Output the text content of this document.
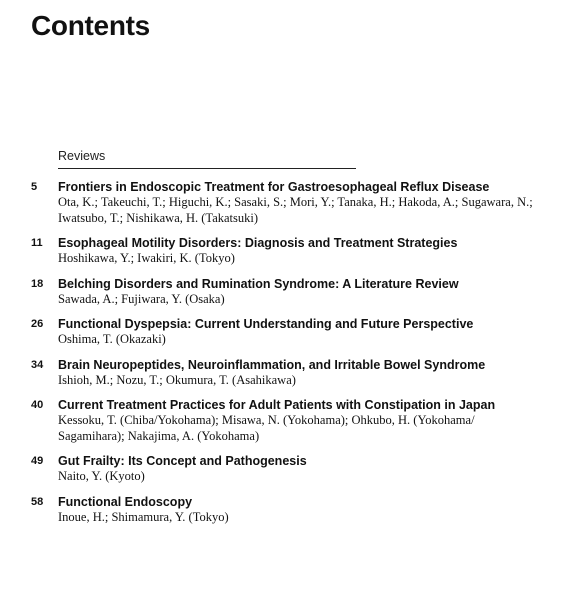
Contents
Reviews
5	Frontiers in Endoscopic Treatment for Gastroesophageal Reflux Disease
Ota, K.; Takeuchi, T.; Higuchi, K.; Sasaki, S.; Mori, Y.; Tanaka, H.; Hakoda, A.; Sugawara, N.; Iwatsubo, T.; Nishikawa, H. (Takatsuki)
11	Esophageal Motility Disorders: Diagnosis and Treatment Strategies
Hoshikawa, Y.; Iwakiri, K. (Tokyo)
18	Belching Disorders and Rumination Syndrome: A Literature Review
Sawada, A.; Fujiwara, Y. (Osaka)
26	Functional Dyspepsia: Current Understanding and Future Perspective
Oshima, T. (Okazaki)
34	Brain Neuropeptides, Neuroinflammation, and Irritable Bowel Syndrome
Ishioh, M.; Nozu, T.; Okumura, T. (Asahikawa)
40	Current Treatment Practices for Adult Patients with Constipation in Japan
Kessoku, T. (Chiba/Yokohama); Misawa, N. (Yokohama); Ohkubo, H. (Yokohama/ Sagamihara); Nakajima, A. (Yokohama)
49	Gut Frailty: Its Concept and Pathogenesis
Naito, Y. (Kyoto)
58	Functional Endoscopy
Inoue, H.; Shimamura, Y. (Tokyo)
